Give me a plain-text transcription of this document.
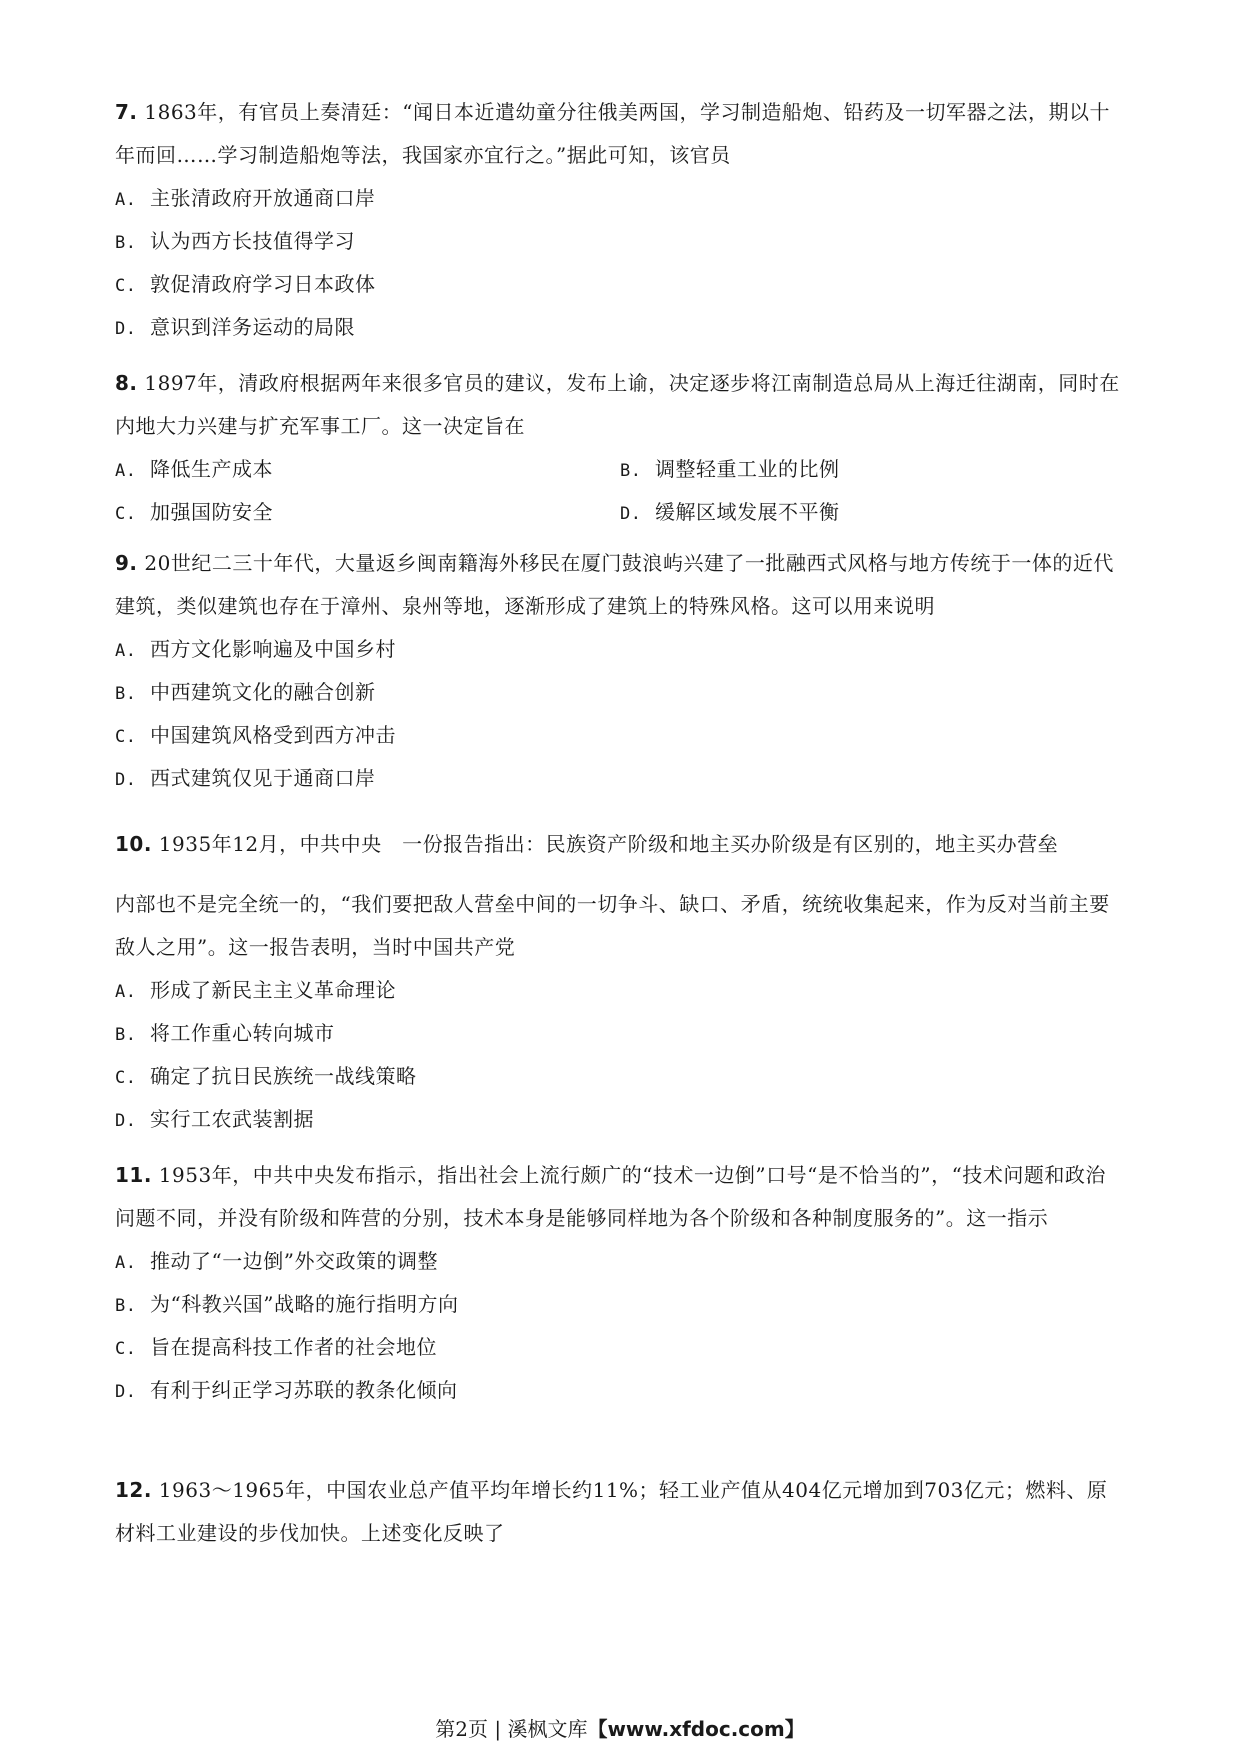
7. 1863年，有官员上奏清廷：“闻日本近遣幼童分往俄美两国，学习制造船炮、铅药及一切军器之法，期以十年而回……学习制造船炮等法，我国家亦宜行之。”据此可知，该官员

A. 主张清政府开放通商口岸
B. 认为西方长技值得学习
C. 敦促清政府学习日本政体
D. 意识到洋务运动的局限

8. 1897年，清政府根据两年来很多官员的建议，发布上谕，决定逐步将江南制造总局从上海迁往湖南，同时在内地大力兴建与扩充军事工厂。这一决定旨在

A. 降低生产成本	B. 调整轻重工业的比例
C. 加强国防安全	D. 缓解区域发展不平衡

9. 20世纪二三十年代，大量返乡闽南籍海外移民在厦门鼓浪屿兴建了一批融西式风格与地方传统于一体的近代建筑，类似建筑也存在于漳州、泉州等地，逐渐形成了建筑上的特殊风格。这可以用来说明

A. 西方文化影响遍及中国乡村
B. 中西建筑文化的融合创新
C. 中国建筑风格受到西方冲击
D. 西式建筑仅见于通商口岸

10. 1935年12月，中共中央　一份报告指出：民族资产阶级和地主买办阶级是有区别的，地主买办营垒

内部也不是完全统一的，“我们要把敌人营垒中间的一切争斗、缺口、矛盾，统统收集起来，作为反对当前主要敌人之用”。这一报告表明，当时中国共产党

A. 形成了新民主主义革命理论
B. 将工作重心转向城市
C. 确定了抗日民族统一战线策略
D. 实行工农武装割据

11. 1953年，中共中央发布指示，指出社会上流行颇广的“技术一边倒”口号“是不恰当的”，“技术问题和政治问题不同，并没有阶级和阵营的分别，技术本身是能够同样地为各个阶级和各种制度服务的”。这一指示

A. 推动了“一边倒”外交政策的调整
B. 为“科教兴国”战略的施行指明方向
C. 旨在提高科技工作者的社会地位
D. 有利于纠正学习苏联的教条化倾向

12. 1963～1965年，中国农业总产值平均年增长约11%；轻工业产值从404亿元增加到703亿元；燃料、原材料工业建设的步伐加快。上述变化反映了

第2页 | 溪枫文库【www.xfdoc.com】
